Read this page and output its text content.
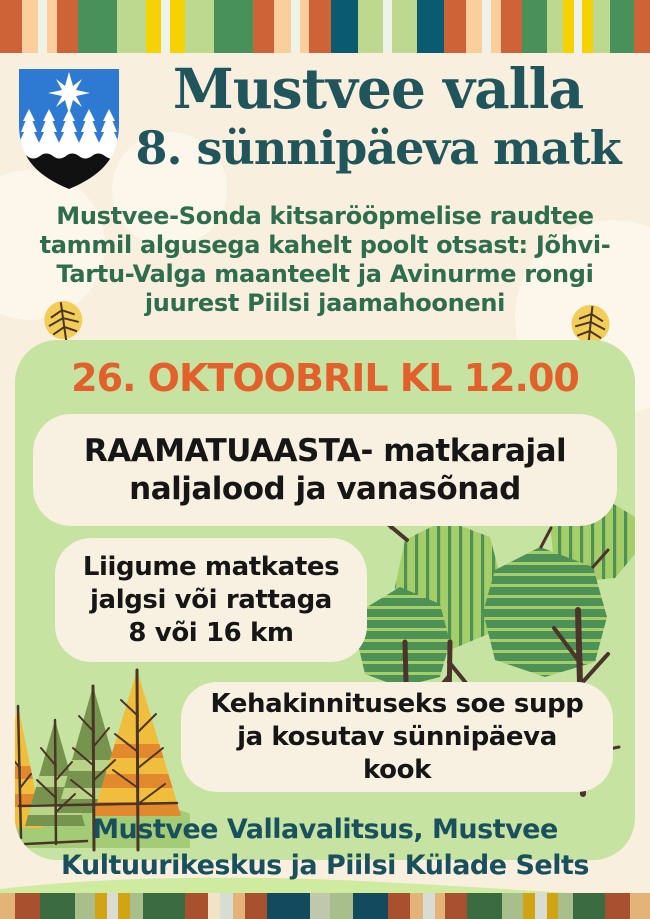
Mustvee valla
8. sünnipäeva matk
Mustvee-Sonda kitsarööpmelise raudtee
tammil algusega kahelt poolt otsast: Jõhvi-
Tartu-Valga maanteelt ja Avinurme rongi
juurest Piilsi jaamahooneni
26. OKTOOBRIL KL 12.00
RAAMATUAASTA- matkarajal
naljalood ja vanasõnad
Liigume matkates
jalgsi või rattaga
8 või 16 km
Kehakinnituseks soe supp
ja kosutav sünnipäeva
kook
Mustvee Vallavalitsus, Mustvee
Kultuurikeskus ja Piilsi Külade Selts
